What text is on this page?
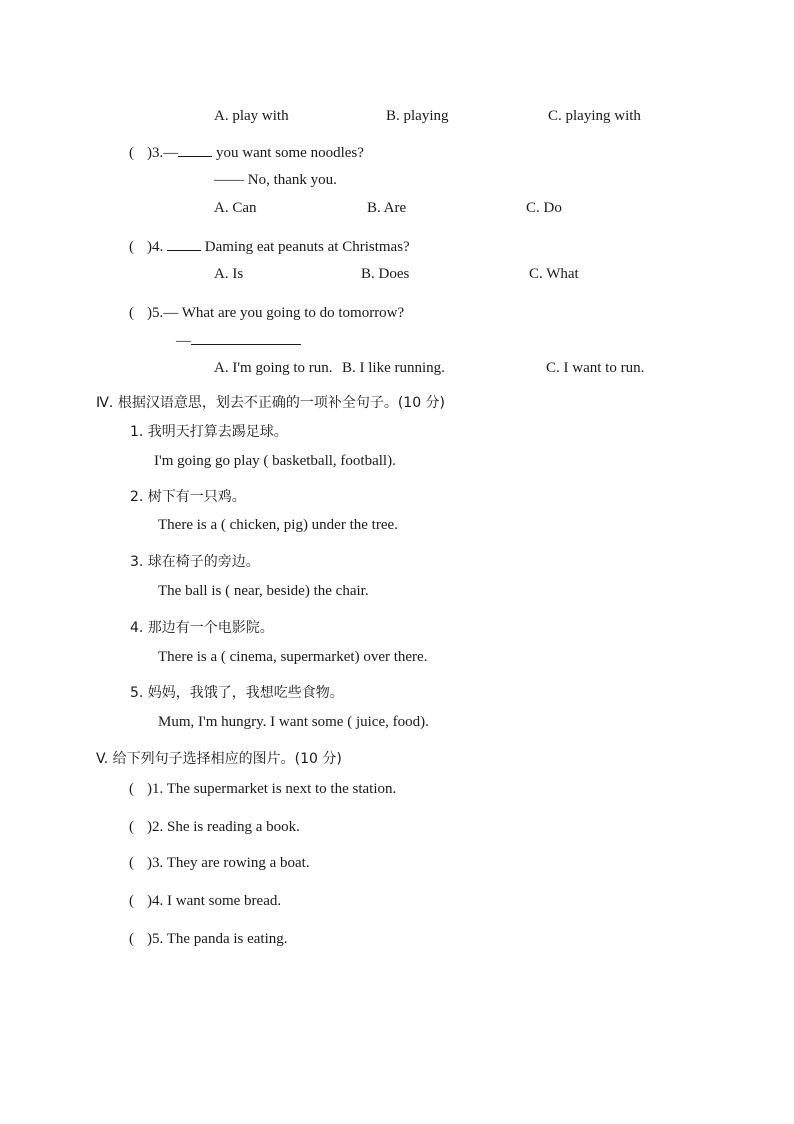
A. play with	B. playing	C. playing with
( )3.—	you want some noodles?
—— No, thank you.
A. Can	B. Are	C. Do
( )4.	Daming eat peanuts at Christmas?
A. Is	B. Does	C. What
( )5.— What are you going to do tomorrow?
—
A. I'm going to run. B. I like running.	C. I want to run.
Ⅳ. 根据汉语意思，划去不正确的一项补全句子。(10 分)
1. 我明天打算去踢足球。
I'm going go play ( basketball, football).
2. 树下有一只鸡。
There is a ( chicken, pig) under the tree.
3. 球在椅子的旁边。
The ball is ( near, beside) the chair.
4. 那边有一个电影院。
There is a ( cinema, supermarket) over there.
5. 妈妈，我饿了，我想吃些食物。
Mum, I'm hungry. I want some ( juice, food).
V. 给下列句子选择相应的图片。(10 分)
( )1. The supermarket is next to the station.
( )2. She is reading a book.
( )3. They are rowing a boat.
( )4. I want some bread.
( )5. The panda is eating.
